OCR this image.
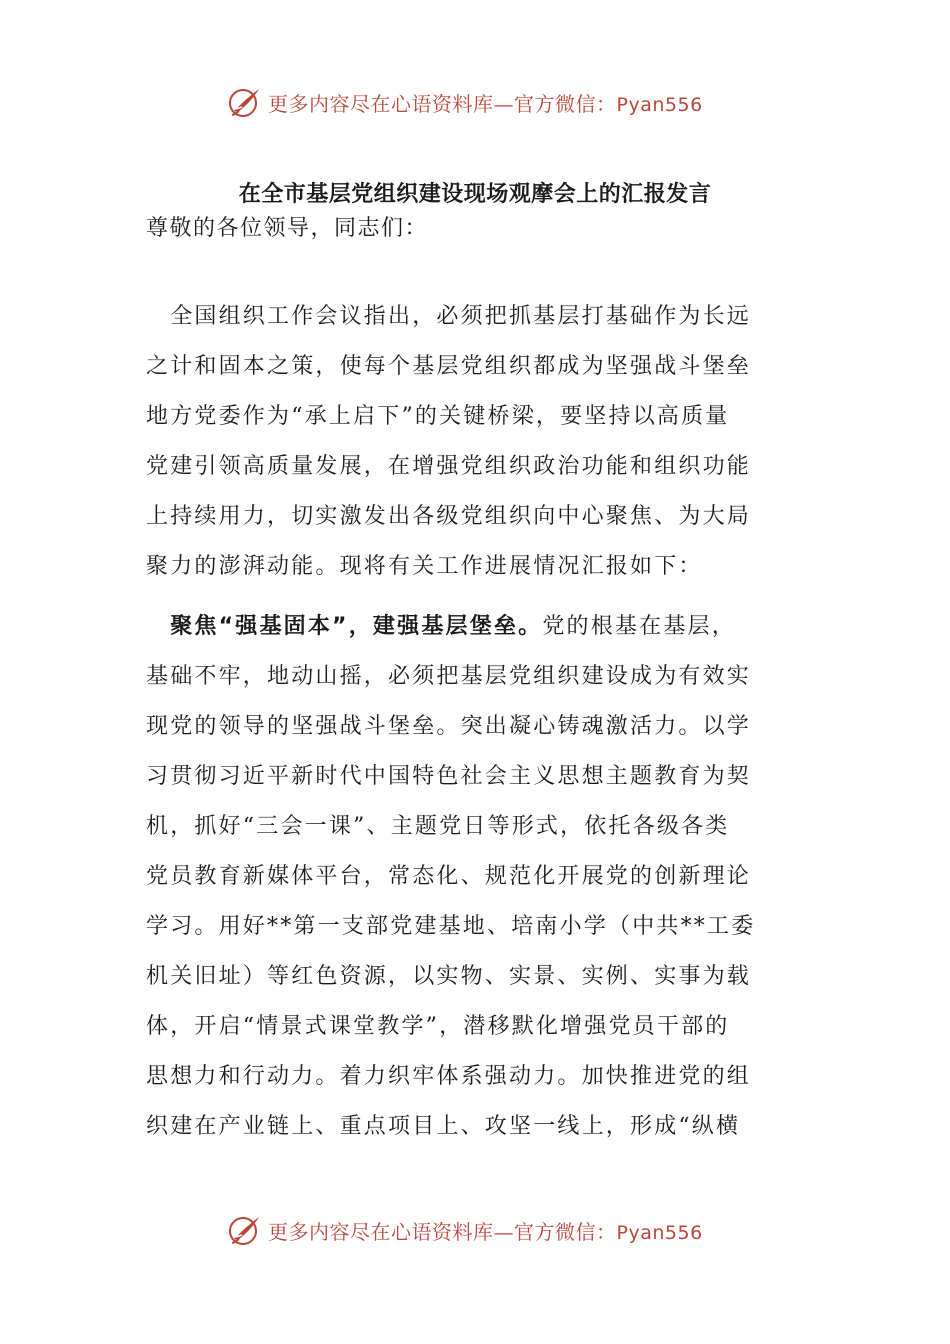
更多内容尽在心语资料库—官方微信：Pyan556
在全市基层党组织建设现场观摩会上的汇报发言
尊敬的各位领导，同志们：
　全国组织工作会议指出，必须把抓基层打基础作为长远
之计和固本之策，使每个基层党组织都成为坚强战斗堡垒
地方党委作为“承上启下”的关键桥梁，要坚持以高质量
党建引领高质量发展，在增强党组织政治功能和组织功能
上持续用力，切实激发出各级党组织向中心聚焦、为大局
聚力的澎湃动能。现将有关工作进展情况汇报如下：
　聚焦“强基固本”，建强基层堡垒。党的根基在基层，
基础不牢，地动山摇，必须把基层党组织建设成为有效实
现党的领导的坚强战斗堡垒。突出凝心铸魂激活力。以学
习贯彻习近平新时代中国特色社会主义思想主题教育为契
机，抓好“三会一课”、主题党日等形式，依托各级各类
党员教育新媒体平台，常态化、规范化开展党的创新理论
学习。用好**第一支部党建基地、培南小学（中共**工委
机关旧址）等红色资源，以实物、实景、实例、实事为载
体，开启“情景式课堂教学”，潜移默化增强党员干部的
思想力和行动力。着力织牢体系强动力。加快推进党的组
织建在产业链上、重点项目上、攻坚一线上，形成“纵横
更多内容尽在心语资料库—官方微信：Pyan556
